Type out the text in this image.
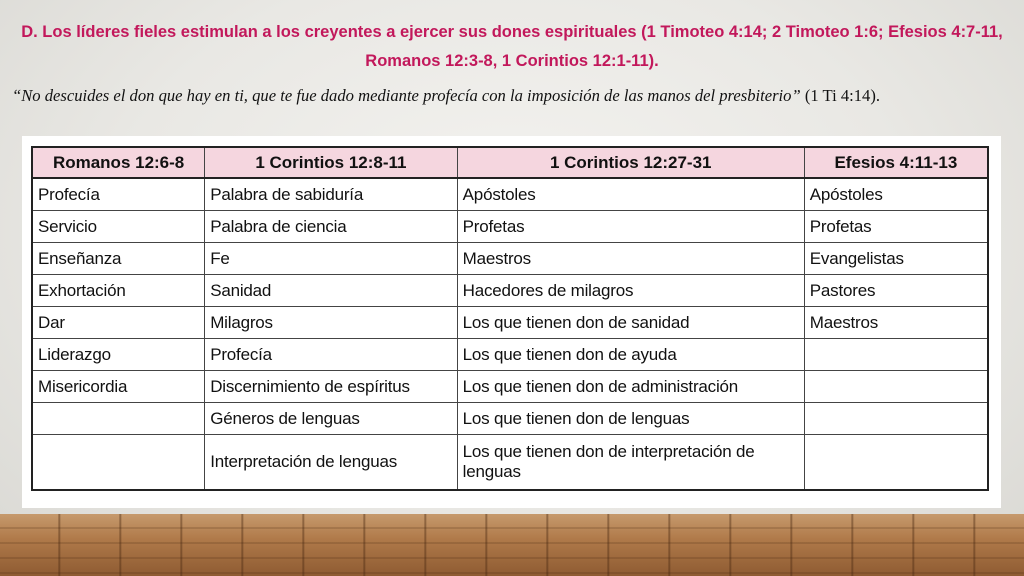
D. Los líderes fieles estimulan a los creyentes a ejercer sus dones espirituales (1 Timoteo 4:14; 2 Timoteo 1:6; Efesios 4:7-11, Romanos 12:3-8, 1 Corintios 12:1-11).
“No descuides el don que hay en ti, que te fue dado mediante profecía con la imposición de las manos del presbiterio” (1 Ti 4:14).
Romanos 12:6-8	1 Corintios 12:8-11	1 Corintios 12:27-31	Efesios 4:11-13
Profecía	Palabra de sabiduría	Apóstoles	Apóstoles
Servicio	Palabra de ciencia	Profetas	Profetas
Enseñanza	Fe	Maestros	Evangelistas
Exhortación	Sanidad	Hacedores de milagros	Pastores
Dar	Milagros	Los que tienen don de sanidad	Maestros
Liderazgo	Profecía	Los que tienen don de ayuda	
Misericordia	Discernimiento de espíritus	Los que tienen don de administración	
	Géneros de lenguas	Los que tienen don de lenguas	
	Interpretación de lenguas	Los que tienen don de interpretación de lenguas	
